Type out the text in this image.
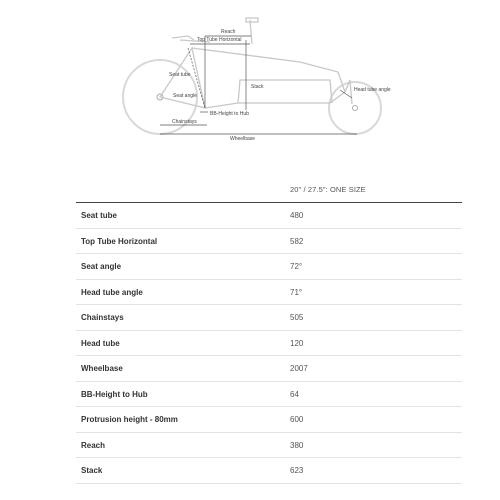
Reach
Top Tube Horizontal
Seat tube
Stack
Seat angle
BB-Height to Hub
Chainstays
Head tube angle
Wheelbase
20" / 27.5": ONE SIZE
Seat tube	480
Top Tube Horizontal	582
Seat angle	72°
Head tube angle	71°
Chainstays	505
Head tube	120
Wheelbase	2007
BB-Height to Hub	64
Protrusion height - 80mm	600
Reach	380
Stack	623
